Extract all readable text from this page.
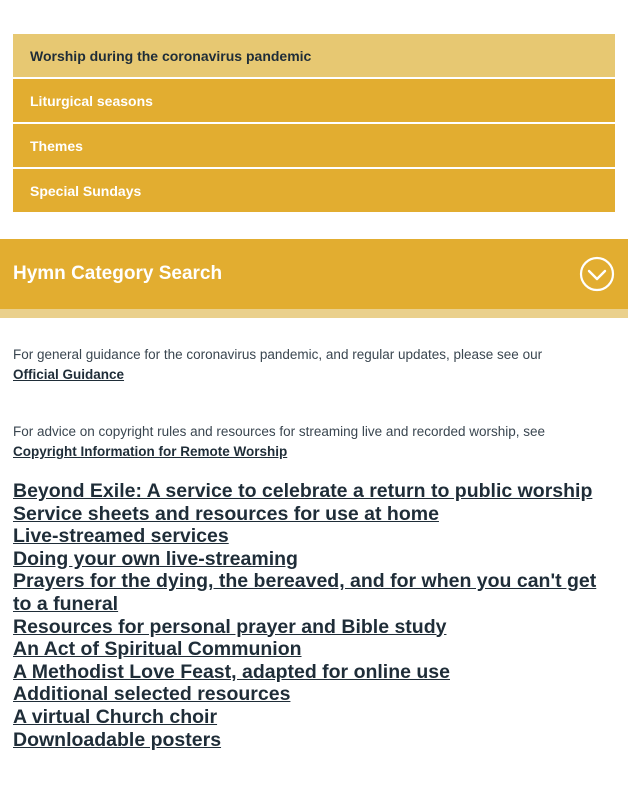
Worship during the coronavirus pandemic
Liturgical seasons
Themes
Special Sundays
Hymn Category Search

For general guidance for the coronavirus pandemic, and regular updates, please see our
Official Guidance

For advice on copyright rules and resources for streaming live and recorded worship, see
Copyright Information for Remote Worship

Beyond Exile: A service to celebrate a return to public worship
Service sheets and resources for use at home
Live-streamed services
Doing your own live-streaming
Prayers for the dying, the bereaved, and for when you can't get to a funeral
Resources for personal prayer and Bible study
An Act of Spiritual Communion
A Methodist Love Feast, adapted for online use
Additional selected resources
A virtual Church choir
Downloadable posters
